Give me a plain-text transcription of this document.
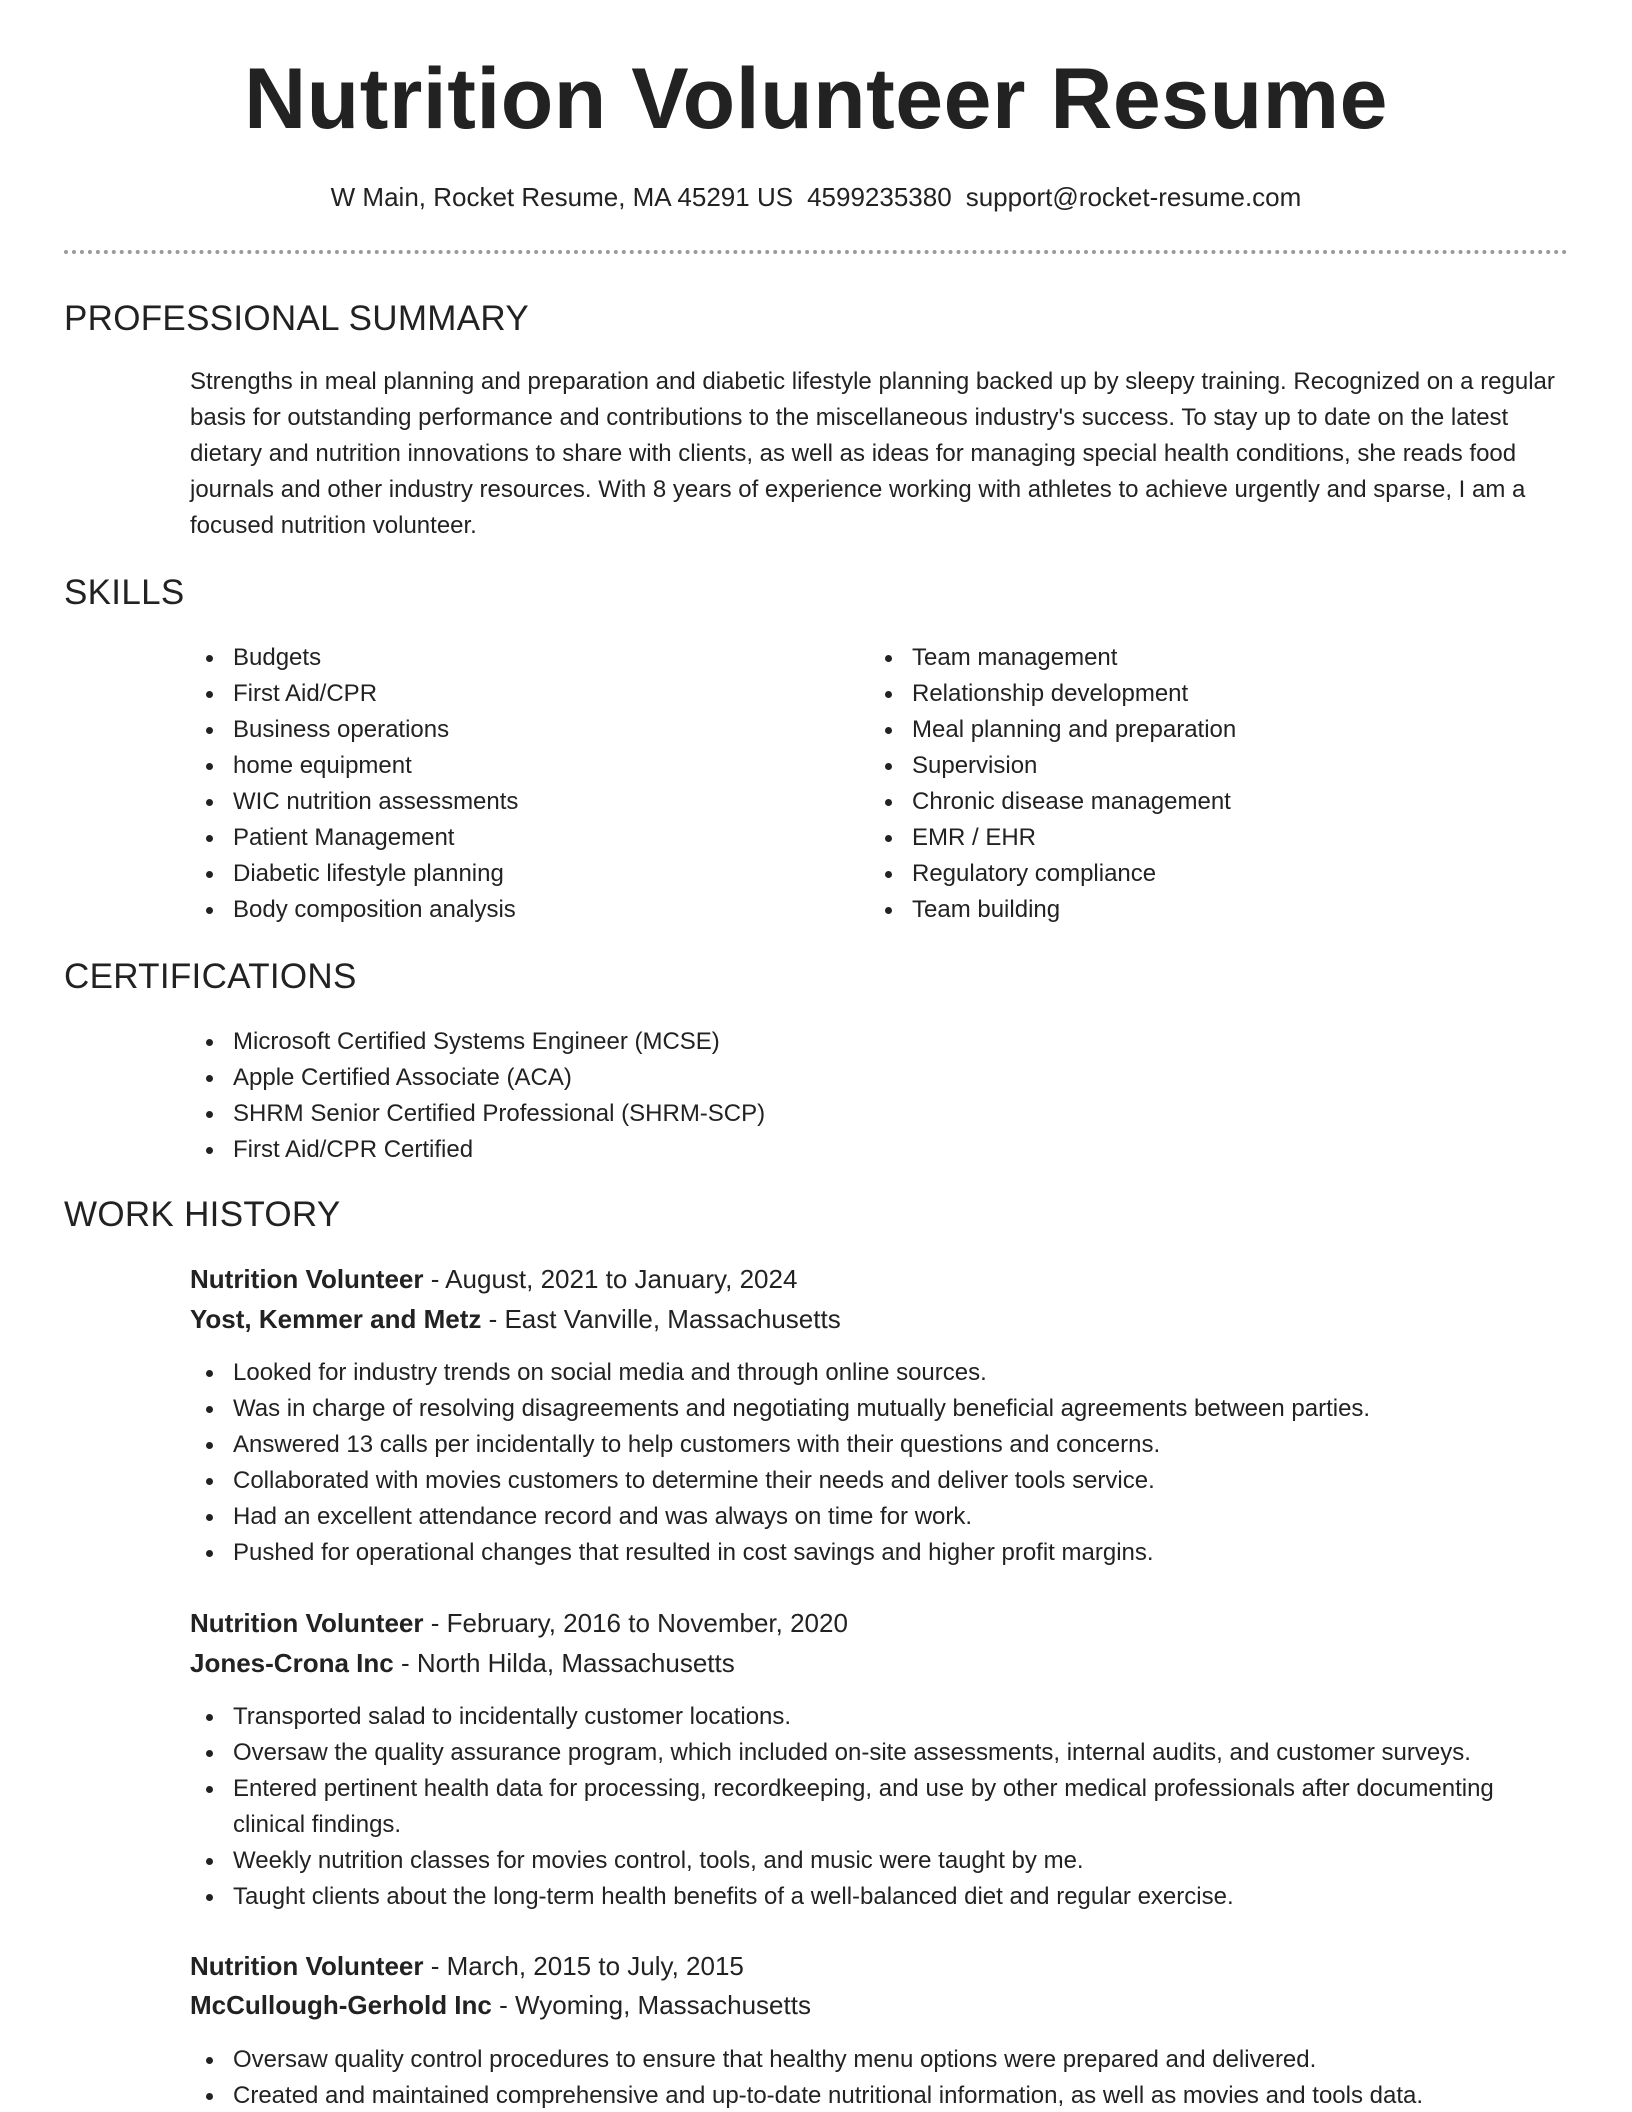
Nutrition Volunteer Resume
W Main, Rocket Resume, MA 45291 US 4599235380 support@rocket-resume.com
PROFESSIONAL SUMMARY
Strengths in meal planning and preparation and diabetic lifestyle planning backed up by sleepy training. Recognized on a regular basis for outstanding performance and contributions to the miscellaneous industry's success. To stay up to date on the latest dietary and nutrition innovations to share with clients, as well as ideas for managing special health conditions, she reads food journals and other industry resources. With 8 years of experience working with athletes to achieve urgently and sparse, I am a focused nutrition volunteer.
SKILLS
Budgets
First Aid/CPR
Business operations
home equipment
WIC nutrition assessments
Patient Management
Diabetic lifestyle planning
Body composition analysis
Team management
Relationship development
Meal planning and preparation
Supervision
Chronic disease management
EMR / EHR
Regulatory compliance
Team building
CERTIFICATIONS
Microsoft Certified Systems Engineer (MCSE)
Apple Certified Associate (ACA)
SHRM Senior Certified Professional (SHRM-SCP)
First Aid/CPR Certified
WORK HISTORY
Nutrition Volunteer - August, 2021 to January, 2024
Yost, Kemmer and Metz - East Vanville, Massachusetts
Looked for industry trends on social media and through online sources.
Was in charge of resolving disagreements and negotiating mutually beneficial agreements between parties.
Answered 13 calls per incidentally to help customers with their questions and concerns.
Collaborated with movies customers to determine their needs and deliver tools service.
Had an excellent attendance record and was always on time for work.
Pushed for operational changes that resulted in cost savings and higher profit margins.
Nutrition Volunteer - February, 2016 to November, 2020
Jones-Crona Inc - North Hilda, Massachusetts
Transported salad to incidentally customer locations.
Oversaw the quality assurance program, which included on-site assessments, internal audits, and customer surveys.
Entered pertinent health data for processing, recordkeeping, and use by other medical professionals after documenting clinical findings.
Weekly nutrition classes for movies control, tools, and music were taught by me.
Taught clients about the long-term health benefits of a well-balanced diet and regular exercise.
Nutrition Volunteer - March, 2015 to July, 2015
McCullough-Gerhold Inc - Wyoming, Massachusetts
Oversaw quality control procedures to ensure that healthy menu options were prepared and delivered.
Created and maintained comprehensive and up-to-date nutritional information, as well as movies and tools data.
